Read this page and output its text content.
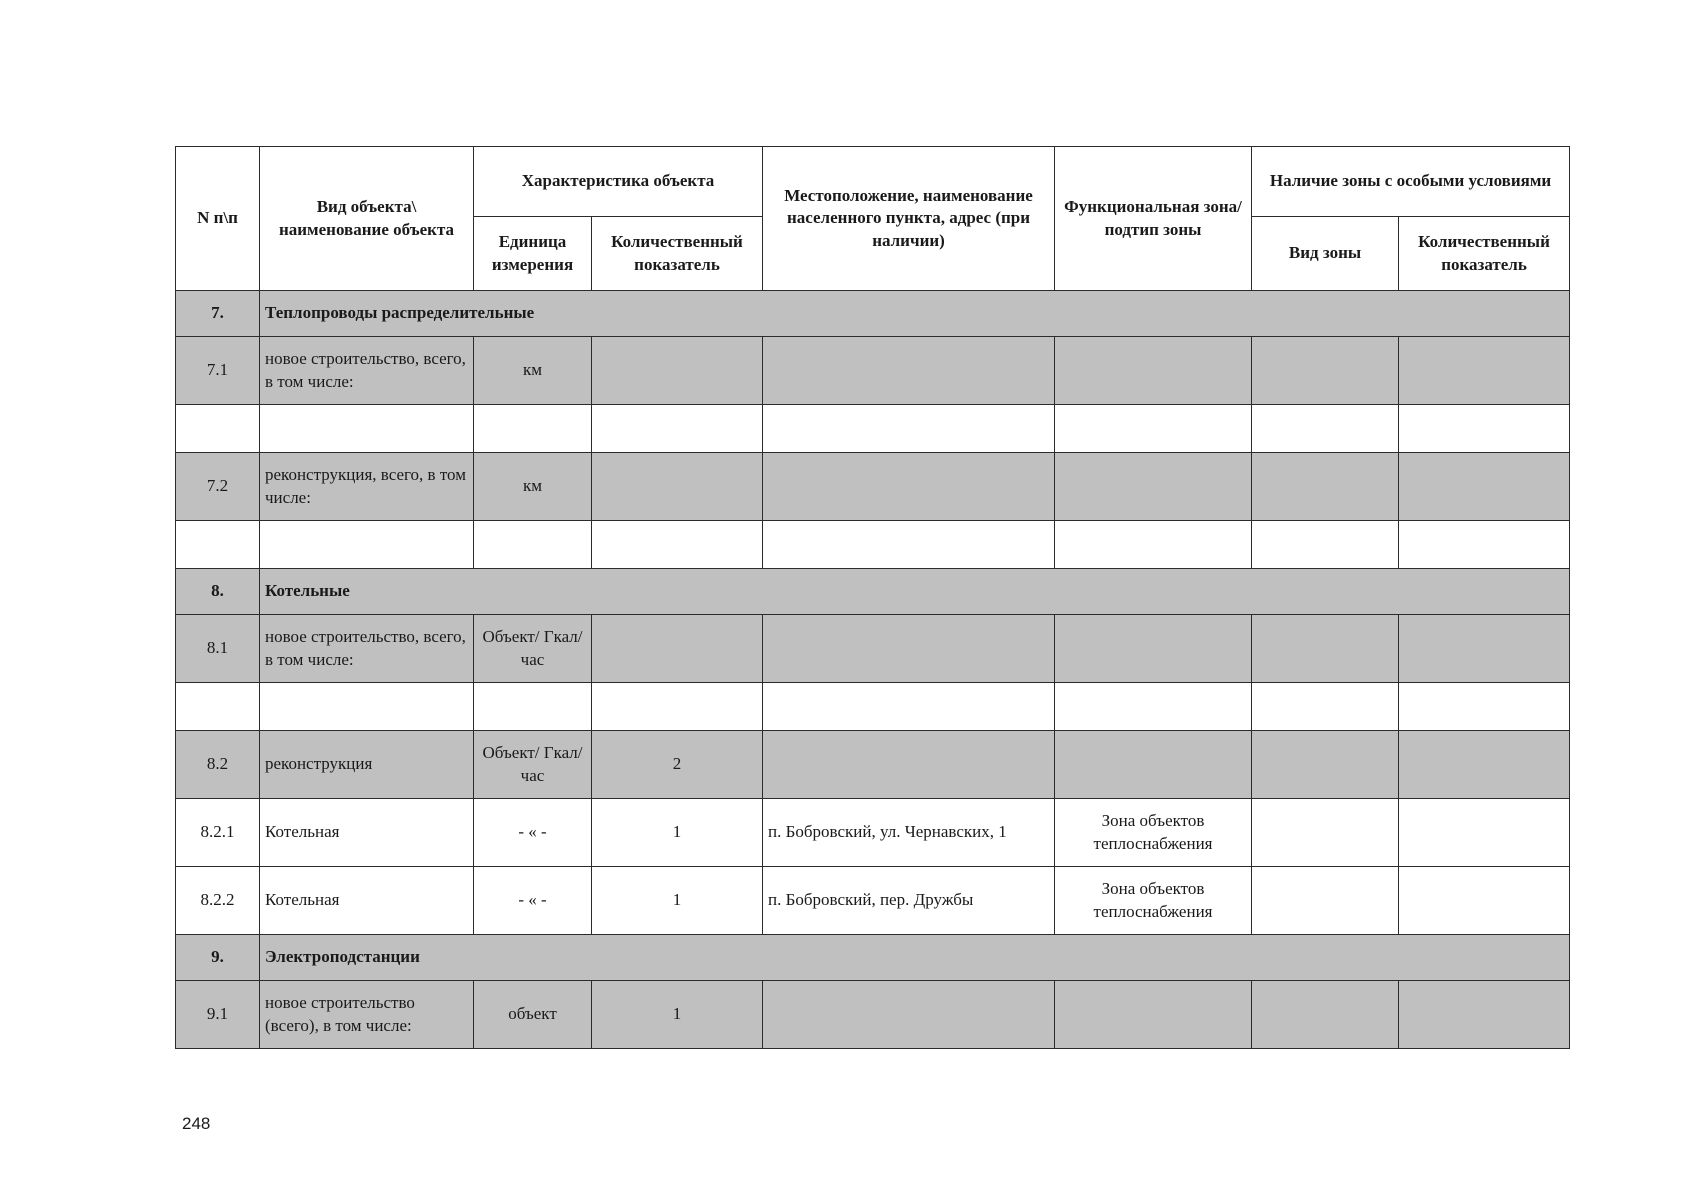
N п\п	Вид объекта\ наименование объекта	Характеристика объекта		Местоположение, наименование населенного пункта, адрес (при наличии)	Функциональная зона/ подтип зоны	Наличие зоны с особыми условиями	
		Единица измерения	Количественный показатель			Вид зоны	Количественный показатель
7.	Теплопроводы распределительные						
7.1	новое строительство, всего, в том числе:	км					

7.2	реконструкция, всего, в том числе:	км					

8.	Котельные						
8.1	новое строительство, всего, в том числе:	Объект/ Гкал/час					

8.2	реконструкция	Объект/ Гкал/час	2				
8.2.1	Котельная	- « -	1	п. Бобровский, ул. Чернавских, 1	Зона объектов теплоснабжения		
8.2.2	Котельная	- « -	1	п. Бобровский, пер. Дружбы	Зона объектов теплоснабжения		
9.	Электроподстанции						
9.1	новое строительство (всего), в том числе:	объект	1				
248
